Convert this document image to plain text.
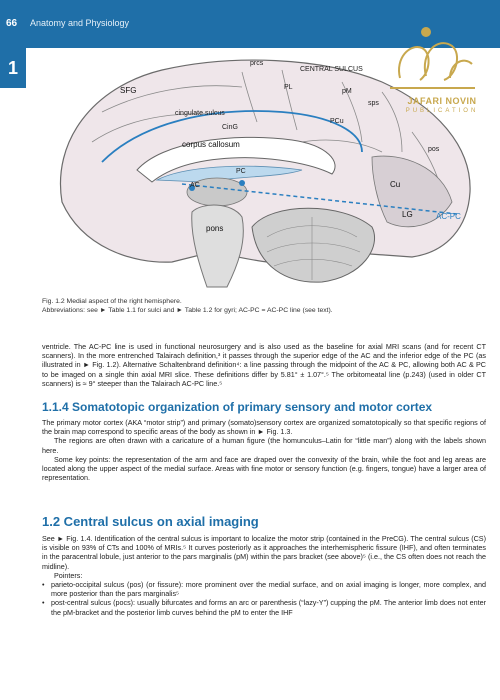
66 Anatomy and Physiology
1	prcs
CENTRAL SULCUS
PL
pM
sps
SFG
PCu
cingulate sulcus
CinG
corpus callosum
pos
Cu
PC
AC
LG	AC-PC
pons
JAFARI NOVIN
PUBLICATION
Fig. 1.2 Medial aspect of the right hemisphere.
Abbreviations: see ► Table 1.1 for sulci and ► Table 1.2 for gyri; AC-PC = AC-PC line (see text).
ventricle. The AC-PC line is used in functional neurosurgery and is also used as the baseline for axial MRI scans (and for recent CT scanners). In the more entrenched Talairach definition,³ it passes through the superior edge of the AC and the inferior edge of the PC (as illustrated in ► Fig. 1.2). Alternative Schaltenbrand definition⁴: a line passing through the midpoint of the AC & PC, allowing both AC & PC to be imaged on a single thin axial MRI slice. These definitions differ by 5.81° ± 1.07°.⁵ The orbitomeatal line (p.243) (used in older CT scanners) is ≈ 9° steeper than the Talairach AC-PC line.⁵
1.1.4 Somatotopic organization of primary sensory and motor cortex
The primary motor cortex (AKA “motor strip”) and primary (somato)sensory cortex are organized somatotopically so that specific regions of the brain map correspond to specific areas of the body as shown in ► Fig. 1.3.
The regions are often drawn with a caricature of a human figure (the homunculus–Latin for “little man”) along with the labels shown here.
Some key points: the representation of the arm and face are draped over the convexity of the brain, while the foot and leg areas are located along the upper aspect of the medial surface. Areas with fine motor or sensory function (e.g. fingers, tongue) have a larger area of representation.
1.2 Central sulcus on axial imaging
See ► Fig. 1.4. Identification of the central sulcus is important to localize the motor strip (contained in the PreCG). The central sulcus (CS) is visible on 93% of CTs and 100% of MRIs.⁵ It curves posteriorly as it approaches the interhemispheric fissure (IHF), and often terminates in the paracentral lobule, just anterior to the pars marginalis (pM) within the pars bracket (see above)⁵ (i.e., the CS often does not reach the midline).
Pointers:
• parieto-occipital sulcus (pos) (or fissure): more prominent over the medial surface, and on axial imaging is longer, more complex, and more posterior than the pars marginalis⁵
• post-central sulcus (pocs): usually bifurcates and forms an arc or parenthesis (“lazy-Y”) cupping the pM. The anterior limb does not enter the pM-bracket and the posterior limb curves behind the pM to enter the IHF
